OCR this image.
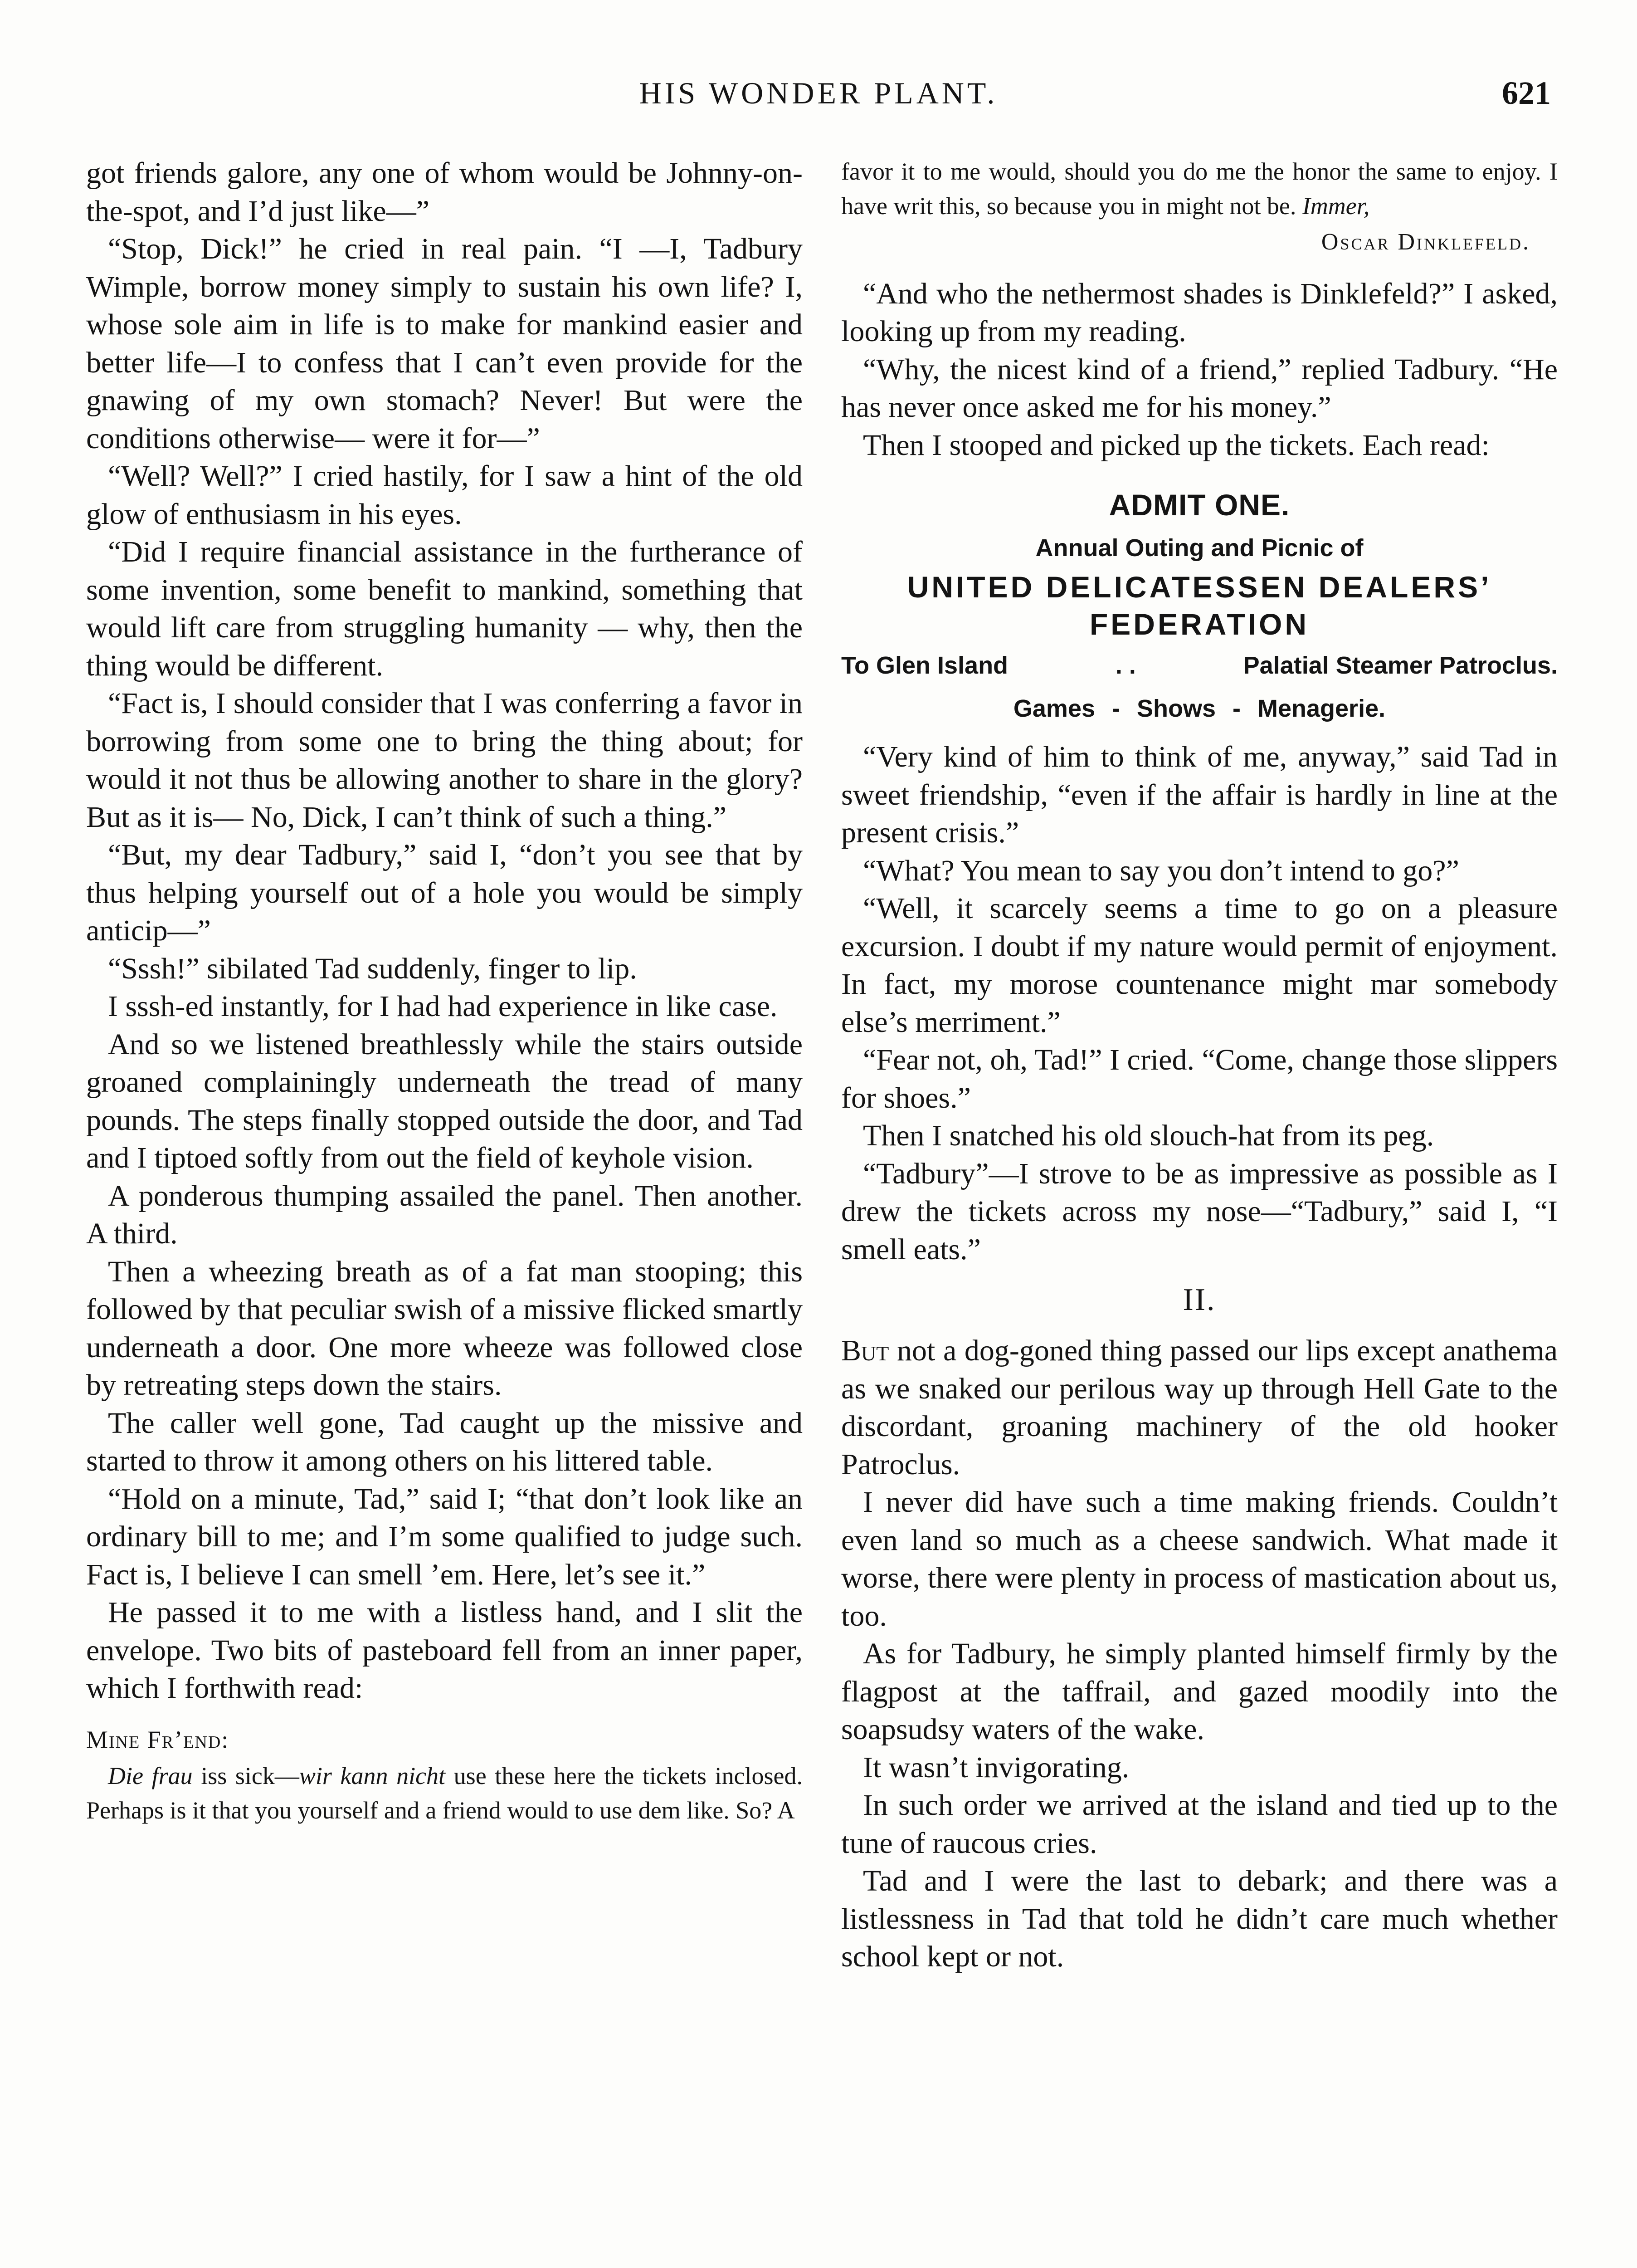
HIS WONDER PLANT.	621

got friends galore, any one of whom would be Johnny-on-the-spot, and I’d just like—”

“Stop, Dick!” he cried in real pain. “I —I, Tadbury Wimple, borrow money simply to sustain his own life? I, whose sole aim in life is to make for mankind easier and better life—I to confess that I can’t even provide for the gnawing of my own stomach? Never! But were the conditions otherwise— were it for—”

“Well? Well?” I cried hastily, for I saw a hint of the old glow of enthusiasm in his eyes.

“Did I require financial assistance in the furtherance of some invention, some benefit to mankind, something that would lift care from struggling humanity — why, then the thing would be different.

“Fact is, I should consider that I was conferring a favor in borrowing from some one to bring the thing about; for would it not thus be allowing another to share in the glory? But as it is— No, Dick, I can’t think of such a thing.”

“But, my dear Tadbury,” said I, “don’t you see that by thus helping yourself out of a hole you would be simply anticip—”

“Sssh!” sibilated Tad suddenly, finger to lip.

I sssh-ed instantly, for I had had experience in like case.

And so we listened breathlessly while the stairs outside groaned complainingly underneath the tread of many pounds. The steps finally stopped outside the door, and Tad and I tiptoed softly from out the field of keyhole vision.

A ponderous thumping assailed the panel. Then another. A third.

Then a wheezing breath as of a fat man stooping; this followed by that peculiar swish of a missive flicked smartly underneath a door. One more wheeze was followed close by retreating steps down the stairs.

The caller well gone, Tad caught up the missive and started to throw it among others on his littered table.

“Hold on a minute, Tad,” said I; “that don’t look like an ordinary bill to me; and I’m some qualified to judge such. Fact is, I believe I can smell ’em. Here, let’s see it.”

He passed it to me with a listless hand, and I slit the envelope. Two bits of pasteboard fell from an inner paper, which I forthwith read:

Mine Fr’end:

Die frau iss sick—wir kann nicht use these here the tickets inclosed. Perhaps is it that you yourself and a friend would to use dem like. So? A

favor it to me would, should you do me the honor the same to enjoy. I have writ this, so because you in might not be. Immer,

Oscar Dinklefeld.

“And who the nethermost shades is Dinklefeld?” I asked, looking up from my reading.

“Why, the nicest kind of a friend,” replied Tadbury. “He has never once asked me for his money.”

Then I stooped and picked up the tickets. Each read:

ADMIT ONE.
Annual Outing and Picnic of
UNITED DELICATESSEN DEALERS’ FEDERATION
To Glen Island	. .	Palatial Steamer Patroclus.
Games - Shows - Menagerie.

“Very kind of him to think of me, anyway,” said Tad in sweet friendship, “even if the affair is hardly in line at the present crisis.”

“What? You mean to say you don’t intend to go?”

“Well, it scarcely seems a time to go on a pleasure excursion. I doubt if my nature would permit of enjoyment. In fact, my morose countenance might mar somebody else’s merriment.”

“Fear not, oh, Tad!” I cried. “Come, change those slippers for shoes.”

Then I snatched his old slouch-hat from its peg.

“Tadbury”—I strove to be as impressive as possible as I drew the tickets across my nose—“Tadbury,” said I, “I smell eats.”

II.

But not a dog-goned thing passed our lips except anathema as we snaked our perilous way up through Hell Gate to the discordant, groaning machinery of the old hooker Patroclus.

I never did have such a time making friends. Couldn’t even land so much as a cheese sandwich. What made it worse, there were plenty in process of mastication about us, too.

As for Tadbury, he simply planted himself firmly by the flagpost at the taffrail, and gazed moodily into the soapsudsy waters of the wake.

It wasn’t invigorating.

In such order we arrived at the island and tied up to the tune of raucous cries.

Tad and I were the last to debark; and there was a listlessness in Tad that told he didn’t care much whether school kept or not.
